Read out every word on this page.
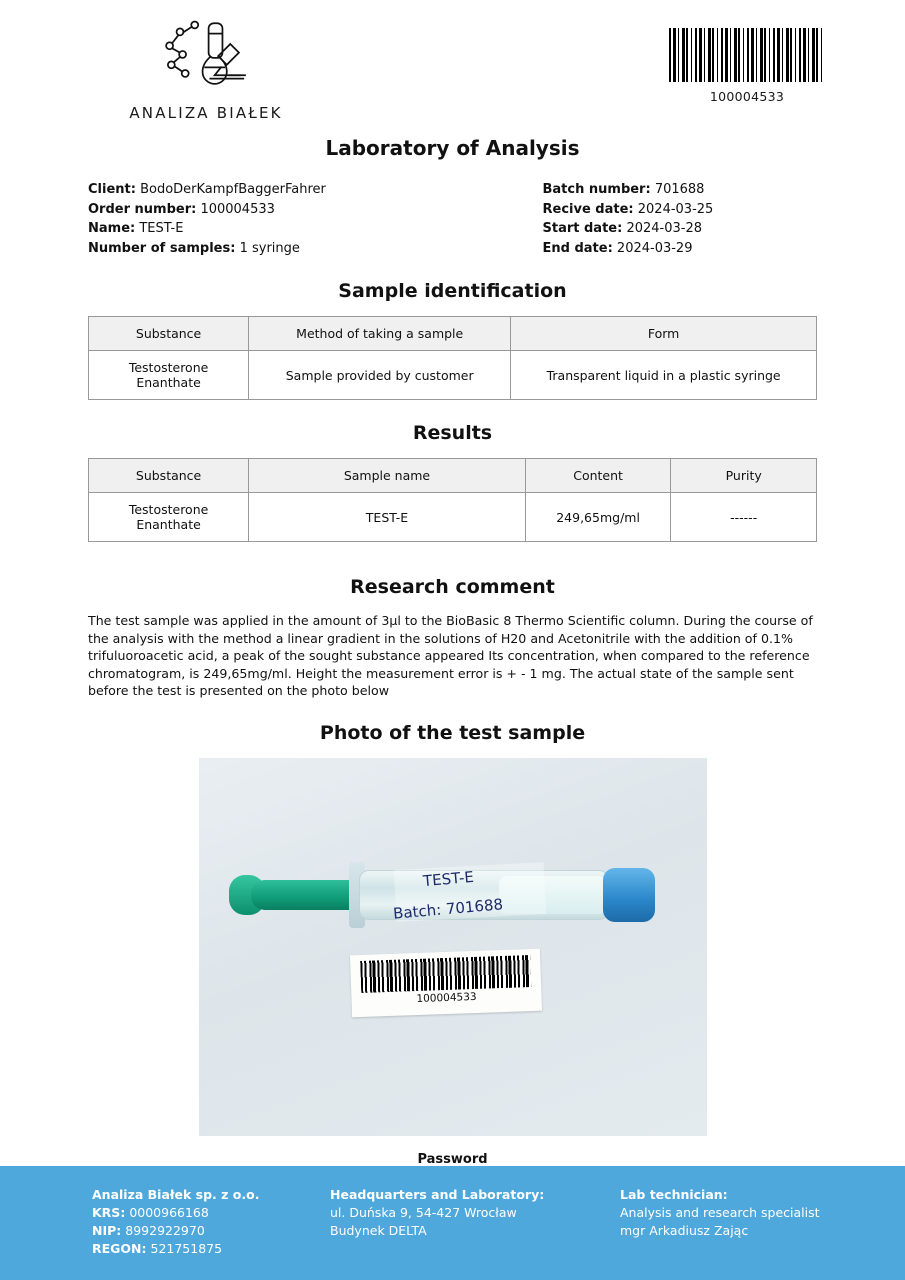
ANALIZA BIAŁEK
100004533
Laboratory of Analysis
Client: BodoDerKampfBaggerFahrer
Order number: 100004533
Name: TEST-E
Number of samples: 1 syringe
Batch number: 701688
Recive date: 2024-03-25
Start date: 2024-03-28
End date: 2024-03-29
Sample identification
Substance	Method of taking a sample	Form
Testosterone Enanthate	Sample provided by customer	Transparent liquid in a plastic syringe
Results
Substance	Sample name	Content	Purity
Testosterone Enanthate	TEST-E	249,65mg/ml	------
Research comment
The test sample was applied in the amount of 3μl to the BioBasic 8 Thermo Scientific column. During the course of the analysis with the method a linear gradient in the solutions of H20 and Acetonitrile with the addition of 0.1% trifuluoroacetic acid, a peak of the sought substance appeared Its concentration, when compared to the reference chromatogram, is 249,65mg/ml. Height the measurement error is + - 1 mg. The actual state of the sample sent before the test is presented on the photo below
Photo of the test sample
TEST-E
Batch: 701688
100004533
Password
Analiza Białek sp. z o.o.
KRS: 0000966168
NIP: 8992922970
REGON: 521751875
Headquarters and Laboratory:
ul. Duńska 9, 54-427 Wrocław
Budynek DELTA
Lab technician:
Analysis and research specialist
mgr Arkadiusz Zając
